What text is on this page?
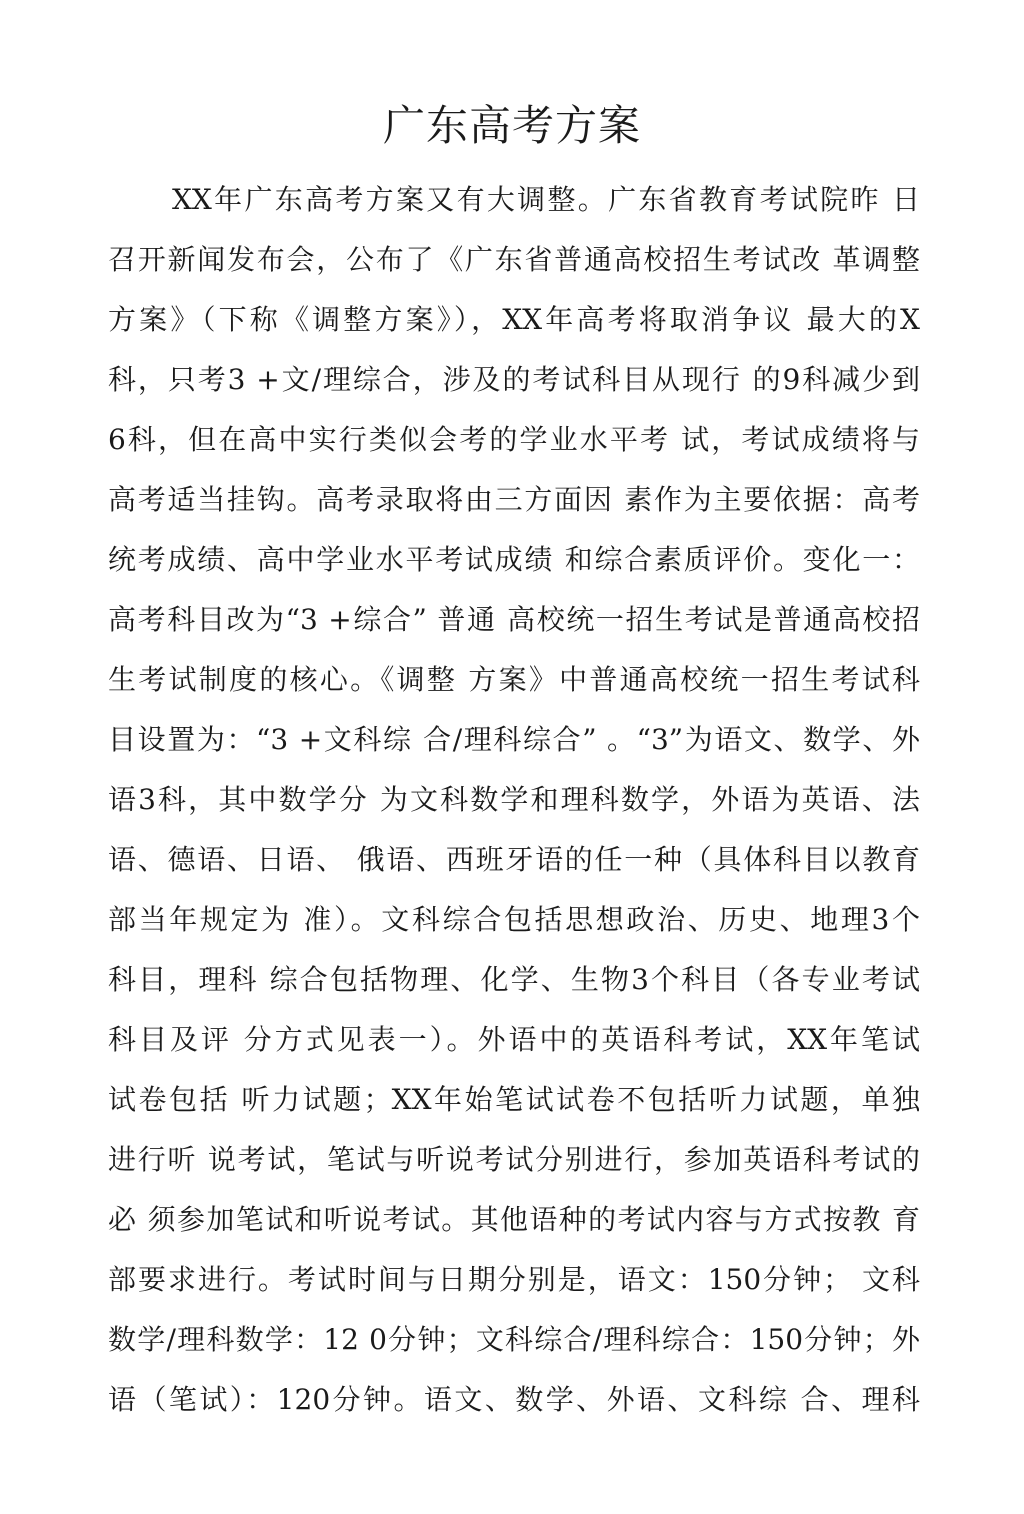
广东高考方案
XX年广东高考方案又有大调整。广东省教育考试院昨 日
召开新闻发布会，公布了《广东省普通高校招生考试改 革调整
方案》（下称《调整方案》），XX年高考将取消争议 最大的X
科，只考3 +文/理综合，涉及的考试科目从现行 的9科减少到
6科，但在高中实行类似会考的学业水平考 试，考试成绩将与
高考适当挂钩。高考录取将由三方面因 素作为主要依据：高考
统考成绩、高中学业水平考试成绩 和综合素质评价。变化一：
高考科目改为“3 +综合” 普通 高校统一招生考试是普通高校招
生考试制度的核心。《调整 方案》中普通高校统一招生考试科
目设置为：“3 +文科综 合/理科综合” 。“3”为语文、数学、外
语3科，其中数学分 为文科数学和理科数学，外语为英语、法
语、德语、日语、 俄语、西班牙语的任一种（具体科目以教育
部当年规定为 准）。文科综合包括思想政治、历史、地理3个
科目，理科 综合包括物理、化学、生物3个科目（各专业考试
科目及评 分方式见表一）。外语中的英语科考试，XX年笔试
试卷包括 听力试题；XX年始笔试试卷不包括听力试题，单独
进行听 说考试，笔试与听说考试分别进行，参加英语科考试的
必 须参加笔试和听说考试。其他语种的考试内容与方式按教 育
部要求进行。考试时间与日期分别是，语文：150分钟； 文科
数学/理科数学：12 0分钟；文科综合/理科综合：150分钟；外
语（笔试）：120分钟。语文、数学、外语、文科综 合、理科
